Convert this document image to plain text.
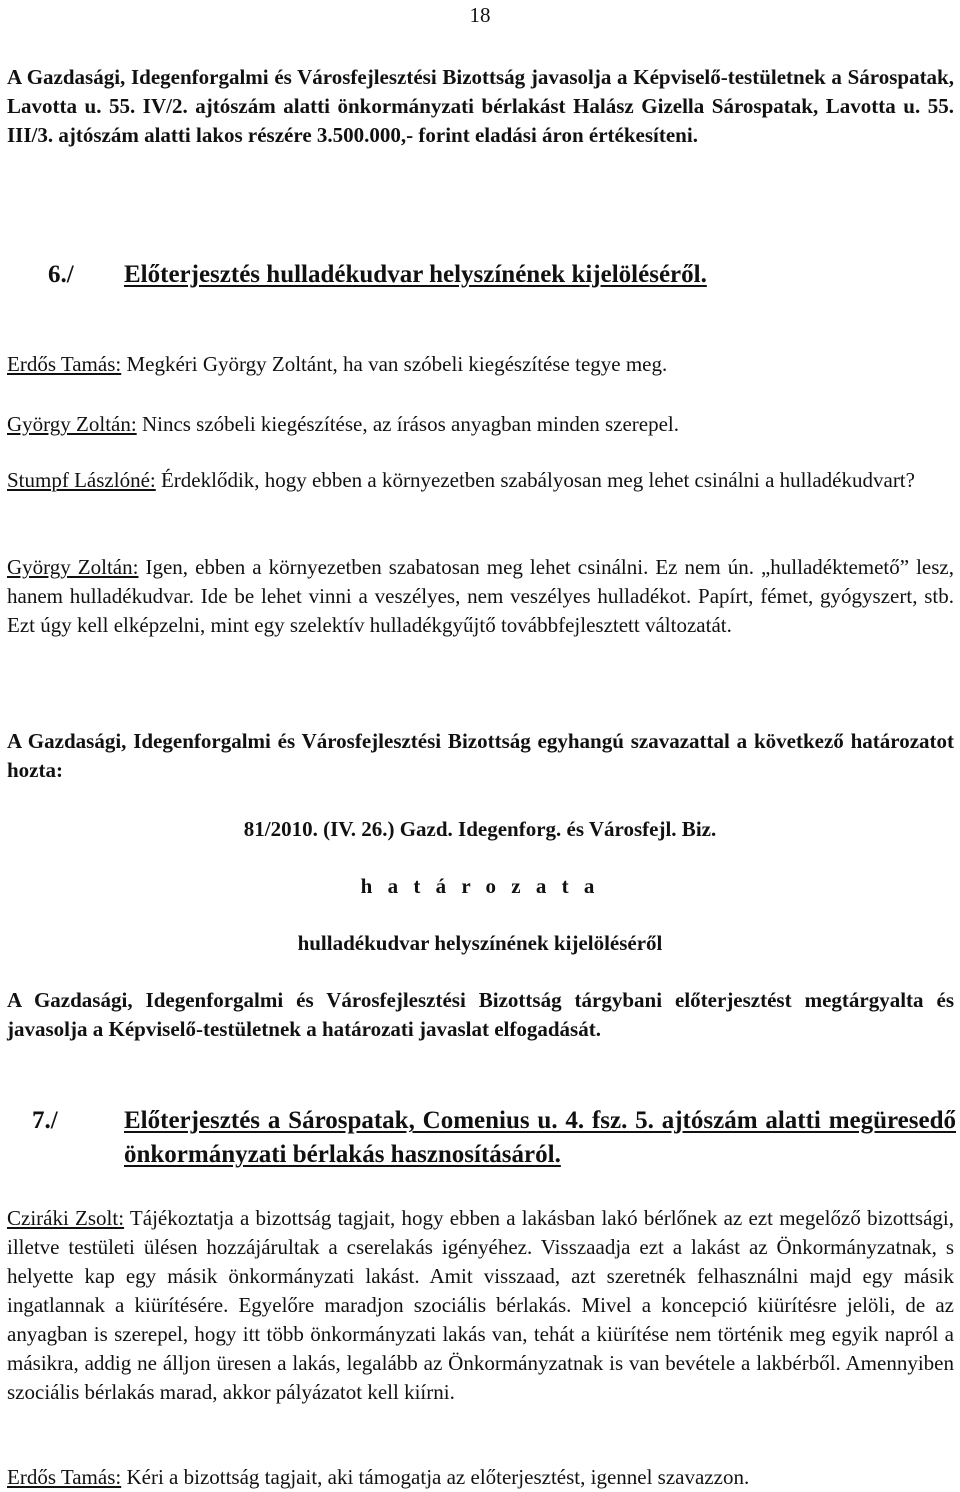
18

A Gazdasági, Idegenforgalmi és Városfejlesztési Bizottság javasolja a Képviselő-testületnek a Sárospatak, Lavotta u. 55. IV/2. ajtószám alatti önkormányzati bérlakást Halász Gizella Sárospatak, Lavotta u. 55. III/3. ajtószám alatti lakos részére 3.500.000,- forint eladási áron értékesíteni.

6./ Előterjesztés hulladékudvar helyszínének kijelöléséről.

Erdős Tamás: Megkéri György Zoltánt, ha van szóbeli kiegészítése tegye meg.

György Zoltán: Nincs szóbeli kiegészítése, az írásos anyagban minden szerepel.

Stumpf Lászlóné: Érdeklődik, hogy ebben a környezetben szabályosan meg lehet csinálni a hulladékudvart?

György Zoltán: Igen, ebben a környezetben szabatosan meg lehet csinálni. Ez nem ún. „hulladéktemető” lesz, hanem hulladékudvar. Ide be lehet vinni a veszélyes, nem veszélyes hulladékot. Papírt, fémet, gyógyszert, stb. Ezt úgy kell elképzelni, mint egy szelektív hulladékgyűjtő továbbfejlesztett változatát.

A Gazdasági, Idegenforgalmi és Városfejlesztési Bizottság egyhangú szavazattal a következő határozatot hozta:

81/2010. (IV. 26.) Gazd. Idegenforg. és Városfejl. Biz.
h a t á r o z a t a
hulladékudvar helyszínének kijelöléséről

A Gazdasági, Idegenforgalmi és Városfejlesztési Bizottság tárgybani előterjesztést megtárgyalta és javasolja a Képviselő-testületnek a határozati javaslat elfogadását.

7./	Előterjesztés a Sárospatak, Comenius u. 4. fsz. 5. ajtószám alatti megüresedő önkormányzati bérlakás hasznosításáról.

Cziráki Zsolt: Tájékoztatja a bizottság tagjait, hogy ebben a lakásban lakó bérlőnek az ezt megelőző bizottsági, illetve testületi ülésen hozzájárultak a cserelakás igényéhez. Visszaadja ezt a lakást az Önkormányzatnak, s helyette kap egy másik önkormányzati lakást. Amit visszaad, azt szeretnék felhasználni majd egy másik ingatlannak a kiürítésére. Egyelőre maradjon szociális bérlakás. Mivel a koncepció kiürítésre jelöli, de az anyagban is szerepel, hogy itt több önkormányzati lakás van, tehát a kiürítése nem történik meg egyik napról a másikra, addig ne álljon üresen a lakás, legalább az Önkormányzatnak is van bevétele a lakbérből. Amennyiben szociális bérlakás marad, akkor pályázatot kell kiírni.

Erdős Tamás: Kéri a bizottság tagjait, aki támogatja az előterjesztést, igennel szavazzon.
